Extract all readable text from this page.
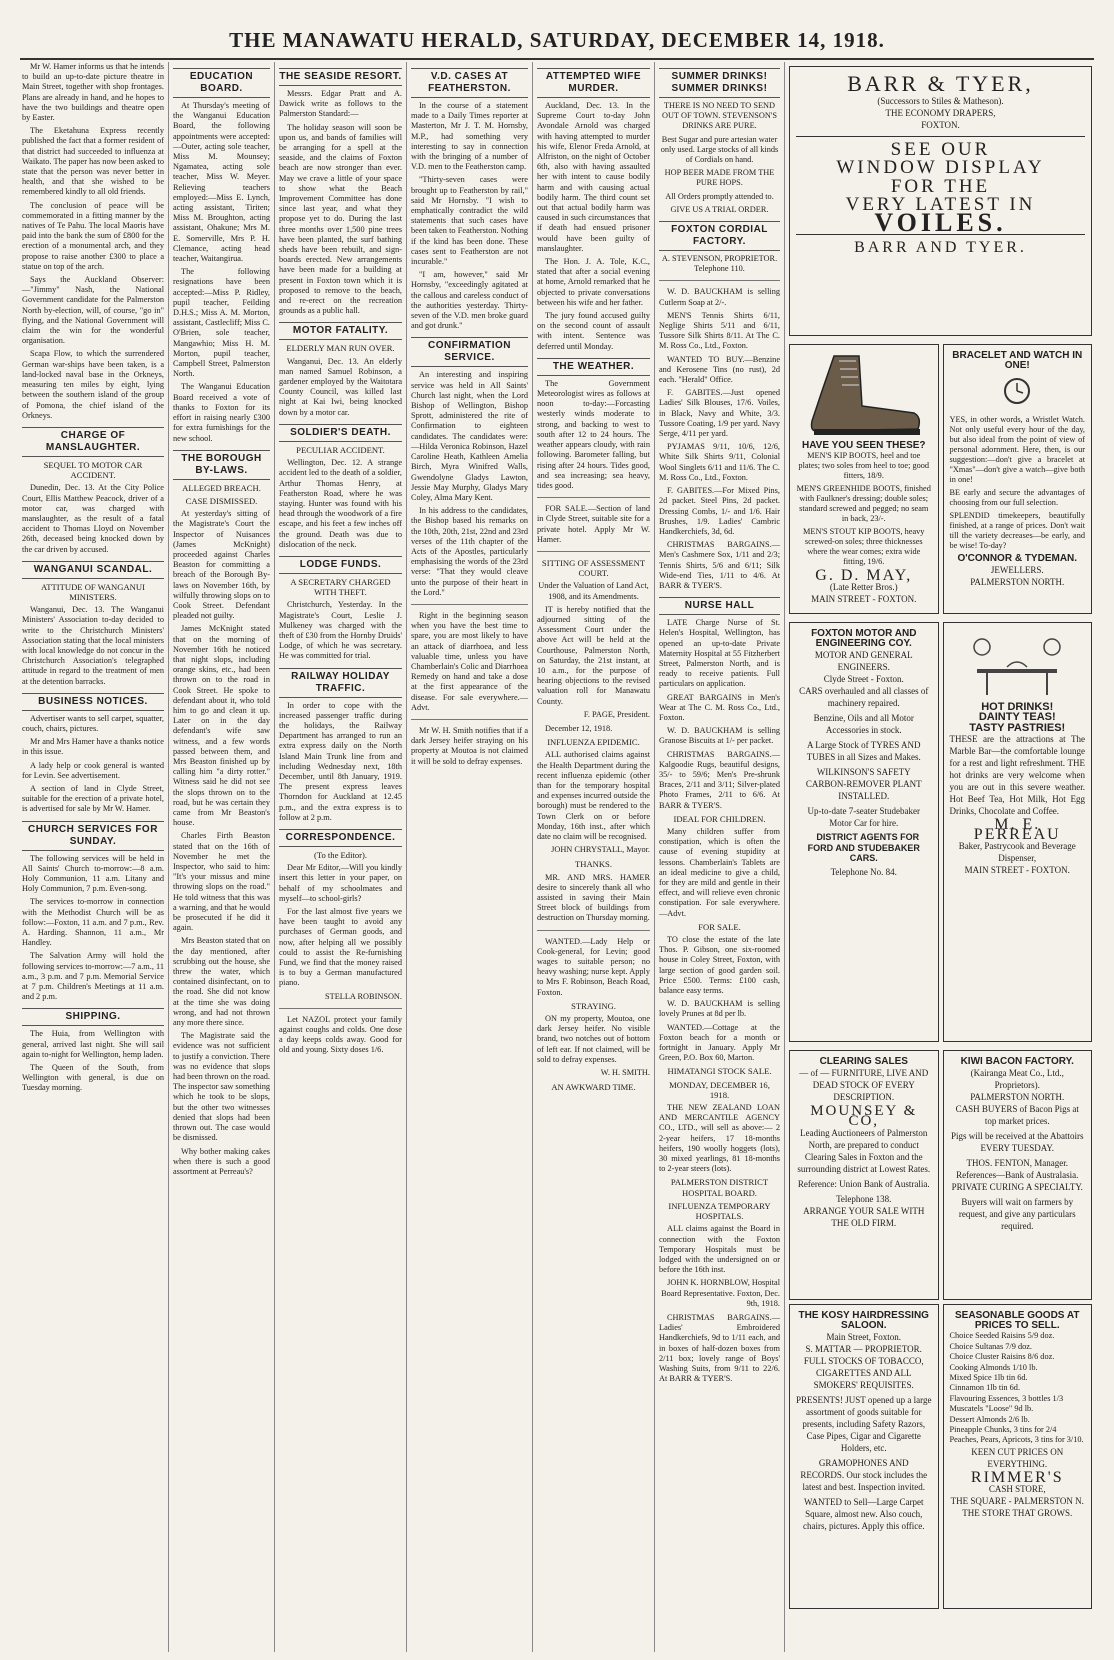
THE MANAWATU HERALD, SATURDAY, DECEMBER 14, 1918.

Mr W. Hamer informs us that he intends to build an up-to-date picture theatre in Main Street, together with shop frontages. Plans are already in hand, and he hopes to have the two buildings and theatre open by Easter.

The Eketahuna Express recently published the fact that a former resident of that district had succeeded to influenza at Waikato. The paper has now been asked to state that the person was never better in health, and that she wished to be remembered kindly to all old friends.

The conclusion of peace will be commemorated in a fitting manner by the natives of Te Pahu. The local Maoris have paid into the bank the sum of £800 for the erection of a monumental arch, and they propose to raise another £300 to place a statue on top of the arch.

Says the Auckland Observer:—"Jimmy" Nash, the National Government candidate for the Palmerston North by-election, will, of course, "go in" flying, and the National Government will claim the win for the wonderful organisation.

Scapa Flow, to which the surrendered German war-ships have been taken, is a land-locked naval base in the Orkneys, measuring ten miles by eight, lying between the southern island of the group of Pomona, the chief island of the Orkneys.

CHARGE OF MANSLAUGHTER.
SEQUEL TO MOTOR CAR ACCIDENT.

Dunedin, Dec. 13. At the City Police Court, Ellis Matthew Peacock, driver of a motor car, was charged with manslaughter, as the result of a fatal accident to Thomas Lloyd on November 26th, deceased being knocked down by the car driven by accused.

WANGANUI SCANDAL.
ATTITUDE OF WANGANUI MINISTERS.

Wanganui, Dec. 13. The Wanganui Ministers' Association to-day decided to write to the Christchurch Ministers' Association stating that the local ministers with local knowledge do not concur in the Christchurch Association's telegraphed attitude in regard to the treatment of men at the detention barracks.

BUSINESS NOTICES.

Advertiser wants to sell carpet, squatter, couch, chairs, pictures.

Mr and Mrs Hamer have a thanks notice in this issue.

A lady help or cook general is wanted for Levin. See advertisement.

A section of land in Clyde Street, suitable for the erection of a private hotel, is advertised for sale by Mr W. Hamer.

CHURCH SERVICES FOR SUNDAY.

The following services will be held in All Saints' Church to-morrow:—8 a.m. Holy Communion, 11 a.m. Litany and Holy Communion, 7 p.m. Even-song.

The services to-morrow in connection with the Methodist Church will be as follow:—Foxton, 11 a.m. and 7 p.m., Rev. A. Harding. Shannon, 11 a.m., Mr Handley.

The Salvation Army will hold the following services to-morrow:—7 a.m., 11 a.m., 3 p.m. and 7 p.m. Memorial Service at 7 p.m. Children's Meetings at 11 a.m. and 2 p.m.

SHIPPING.

The Huia, from Wellington with general, arrived last night. She will sail again to-night for Wellington, hemp laden.

The Queen of the South, from Wellington with general, is due on Tuesday morning.

EDUCATION BOARD.

At Thursday's meeting of the Wanganui Education Board, the following appointments were accepted:—Outer, acting sole teacher, Miss M. Mounsey; Ngamatea, acting sole teacher, Miss W. Meyer. Relieving teachers employed:—Miss E. Lynch, acting assistant, Tiriten; Miss M. Broughton, acting assistant, Ohakune; Mrs M. E. Somerville, Mrs P. H. Clemance, acting head teacher, Waitangirua.

The following resignations have been accepted:—Miss P. Ridley, pupil teacher, Feilding D.H.S.; Miss A. M. Morton, assistant, Castlecliff; Miss C. O'Brien, sole teacher, Mangawhio; Miss H. M. Morton, pupil teacher, Campbell Street, Palmerston North.

The Wanganui Education Board received a vote of thanks to Foxton for its effort in raising nearly £300 for extra furnishings for the new school.

THE BOROUGH BY-LAWS.
ALLEGED BREACH.
CASE DISMISSED.

At yesterday's sitting of the Magistrate's Court the Inspector of Nuisances (James McKnight) proceeded against Charles Beaston for committing a breach of the Borough By-laws on November 16th, by wilfully throwing slops on to Cook Street. Defendant pleaded not guilty.

James McKnight stated that on the morning of November 16th he noticed that night slops, including orange skins, etc., had been thrown on to the road in Cook Street. He spoke to defendant about it, who told him to go and clean it up. Later on in the day defendant's wife saw witness, and a few words passed between them, and Mrs Beaston finished up by calling him "a dirty rotter." Witness said he did not see the slops thrown on to the road, but he was certain they came from Mr Beaston's house.

Charles Firth Beaston stated that on the 16th of November he met the Inspector, who said to him: "It's your missus and mine throwing slops on the road." He told witness that this was a warning, and that he would be prosecuted if he did it again.

Mrs Beaston stated that on the day mentioned, after scrubbing out the house, she threw the water, which contained disinfectant, on to the road. She did not know at the time she was doing wrong, and had not thrown any more there since.

The Magistrate said the evidence was not sufficient to justify a conviction. There was no evidence that slops had been thrown on the road. The inspector saw something which he took to be slops, but the other two witnesses denied that slops had been thrown out. The case would be dismissed.

Why bother making cakes when there is such a good assortment at Perreau's?

THE SEASIDE RESORT.

Messrs. Edgar Pratt and A. Dawick write as follows to the Palmerston Standard:—

The holiday season will soon be upon us, and bands of families will be arranging for a spell at the seaside, and the claims of Foxton beach are now stronger than ever. May we crave a little of your space to show what the Beach Improvement Committee has done since last year, and what they propose yet to do. During the last three months over 1,500 pine trees have been planted, the surf bathing sheds have been rebuilt, and sign-boards erected. New arrangements have been made for a building at present in Foxton town which it is proposed to remove to the beach, and re-erect on the recreation grounds as a public hall.

MOTOR FATALITY.
ELDERLY MAN RUN OVER.

Wanganui, Dec. 13. An elderly man named Samuel Robinson, a gardener employed by the Waitotara County Council, was killed last night at Kai Iwi, being knocked down by a motor car.

SOLDIER'S DEATH.
PECULIAR ACCIDENT.

Wellington, Dec. 12. A strange accident led to the death of a soldier, Arthur Thomas Henry, at Featherston Road, where he was staying. Hunter was found with his head through the woodwork of a fire escape, and his feet a few inches off the ground. Death was due to dislocation of the neck.

LODGE FUNDS.
A SECRETARY CHARGED WITH THEFT.

Christchurch, Yesterday. In the Magistrate's Court, Leslie J. Mulkeney was charged with the theft of £30 from the Hornby Druids' Lodge, of which he was secretary. He was committed for trial.

RAILWAY HOLIDAY TRAFFIC.

In order to cope with the increased passenger traffic during the holidays, the Railway Department has arranged to run an extra express daily on the North Island Main Trunk line from and including Wednesday next, 18th December, until 8th January, 1919. The present express leaves Thorndon for Auckland at 12.45 p.m., and the extra express is to follow at 2 p.m.

CORRESPONDENCE.
(To the Editor).

Dear Mr Editor,—Will you kindly insert this letter in your paper, on behalf of my schoolmates and myself—to school-girls?

For the last almost five years we have been taught to avoid any purchases of German goods, and now, after helping all we possibly could to assist the Re-furnishing Fund, we find that the money raised is to buy a German manufactured piano.

STELLA ROBINSON.

Let NAZOL protect your family against coughs and colds. One dose a day keeps colds away. Good for old and young. Sixty doses 1/6.

V.D. CASES AT FEATHERSTON.

In the course of a statement made to a Daily Times reporter at Masterton, Mr J. T. M. Hornsby, M.P., had something very interesting to say in connection with the bringing of a number of V.D. men to the Featherston camp.

"Thirty-seven cases were brought up to Featherston by rail," said Mr Hornsby. "I wish to emphatically contradict the wild statements that such cases have been taken to Featherston. Nothing if the kind has been done. These cases sent to Featherston are not incurable."

"I am, however," said Mr Hornsby, "exceedingly agitated at the callous and careless conduct of the authorities yesterday. Thirty-seven of the V.D. men broke guard and got drunk."

CONFIRMATION SERVICE.

An interesting and inspiring service was held in All Saints' Church last night, when the Lord Bishop of Wellington, Bishop Sprott, administered the rite of Confirmation to eighteen candidates. The candidates were:—Hilda Veronica Robinson, Hazel Caroline Heath, Kathleen Amelia Birch, Myra Winifred Walls, Gwendolyne Gladys Lawton, Jessie May Murphy, Gladys Mary Coley, Alma Mary Kent.

In his address to the candidates, the Bishop based his remarks on the 10th, 20th, 21st, 22nd and 23rd verses of the 11th chapter of the Acts of the Apostles, particularly emphasising the words of the 23rd verse: "That they would cleave unto the purpose of their heart in the Lord."

Right in the beginning season when you have the best time to spare, you are most likely to have an attack of diarrhoea, and less valuable time, unless you have Chamberlain's Colic and Diarrhoea Remedy on hand and take a dose at the first appearance of the disease. For sale everywhere.—Advt.

Mr W. H. Smith notifies that if a dark Jersey heifer straying on his property at Moutoa is not claimed it will be sold to defray expenses.

ATTEMPTED WIFE MURDER.

Auckland, Dec. 13. In the Supreme Court to-day John Avondale Arnold was charged with having attempted to murder his wife, Elenor Freda Arnold, at Alfriston, on the night of October 6th, also with having assaulted her with intent to cause bodily harm and with causing actual bodily harm. The third count set out that actual bodily harm was caused in such circumstances that if death had ensued prisoner would have been guilty of manslaughter.

The Hon. J. A. Tole, K.C., stated that after a social evening at home, Arnold remarked that he objected to private conversations between his wife and her father.

The jury found accused guilty on the second count of assault with intent. Sentence was deferred until Monday.

THE WEATHER.

The Government Meteorologist wires as follows at noon to-day:—Forcasting westerly winds moderate to strong, and backing to west to south after 12 to 24 hours. The weather appears cloudy, with rain following. Barometer falling, but rising after 24 hours. Tides good, and sea increasing; sea heavy, tides good.

FOR SALE.—Section of land in Clyde Street, suitable site for a private hotel. Apply Mr W. Hamer.

SITTING OF ASSESSMENT COURT.

Under the Valuation of Land Act, 1908, and its Amendments.

IT is hereby notified that the adjourned sitting of the Assessment Court under the above Act will be held at the Courthouse, Palmerston North, on Saturday, the 21st instant, at 10 a.m., for the purpose of hearing objections to the revised valuation roll for Manawatu County.

F. PAGE, President.

December 12, 1918.

INFLUENZA EPIDEMIC.

ALL authorised claims against the Health Department during the recent influenza epidemic (other than for the temporary hospital and expenses incurred outside the borough) must be rendered to the Town Clerk on or before Monday, 16th inst., after which date no claim will be recognised.

JOHN CHRYSTALL, Mayor.
THANKS.

MR. AND MRS. HAMER desire to sincerely thank all who assisted in saving their Main Street block of buildings from destruction on Thursday morning.

WANTED.—Lady Help or Cook-general, for Levin; good wages to suitable person; no heavy washing; nurse kept. Apply to Mrs F. Robinson, Beach Road, Foxton.

STRAYING.

ON my property, Moutoa, one dark Jersey heifer. No visible brand, two notches out of bottom of left ear. If not claimed, will be sold to defray expenses.

W. H. SMITH.
AN AWKWARD TIME.
SUMMER DRINKS! SUMMER DRINKS!

THERE IS NO NEED TO SEND OUT OF TOWN. STEVENSON'S DRINKS ARE PURE.

Best Sugar and pure artesian water only used. Large stocks of all kinds of Cordials on hand.

HOP BEER MADE FROM THE PURE HOPS.

All Orders promptly attended to.

GIVE US A TRIAL ORDER.

FOXTON CORDIAL FACTORY.

A. STEVENSON, PROPRIETOR. Telephone 110.

W. D. BAUCKHAM is selling Cutlerm Soap at 2/-.

MEN'S Tennis Shirts 6/11, Neglige Shirts 5/11 and 6/11, Tussore Silk Shirts 8/11. At The C. M. Ross Co., Ltd., Foxton.

WANTED TO BUY.—Benzine and Kerosene Tins (no rust), 2d each. "Herald" Office.

F. GABITES.—Just opened Ladies' Silk Blouses, 17/6. Voiles, in Black, Navy and White, 3/3. Tussore Coating, 1/9 per yard. Navy Serge, 4/11 per yard.

PYJAMAS 9/11, 10/6, 12/6, White Silk Shirts 9/11, Colonial Wool Singlets 6/11 and 11/6. The C. M. Ross Co., Ltd., Foxton.

F. GABITES.—For Mixed Pins, 2d packet. Steel Pins, 2d packet. Dressing Combs, 1/- and 1/6. Hair Brushes, 1/9. Ladies' Cambric Handkerchiefs, 3d, 6d.

CHRISTMAS BARGAINS.—Men's Cashmere Sox, 1/11 and 2/3; Tennis Shirts, 5/6 and 6/11; Silk Wide-end Ties, 1/11 to 4/6. At BARR & TYER'S.

NURSE HALL

LATE Charge Nurse of St. Helen's Hospital, Wellington, has opened an up-to-date Private Maternity Hospital at 55 Fitzherbert Street, Palmerston North, and is ready to receive patients. Full particulars on application.

GREAT BARGAINS in Men's Wear at The C. M. Ross Co., Ltd., Foxton.

W. D. BAUCKHAM is selling Granose Biscuits at 1/- per packet.

CHRISTMAS BARGAINS.—Kalgoodie Rugs, beautiful designs, 35/- to 59/6; Men's Pre-shrunk Braces, 2/11 and 3/11; Silver-plated Photo Frames, 2/11 to 6/6. At BARR & TYER'S.

IDEAL FOR CHILDREN.

Many children suffer from constipation, which is often the cause of evening stupidity at lessons. Chamberlain's Tablets are an ideal medicine to give a child, for they are mild and gentle in their effect, and will relieve even chronic constipation. For sale everywhere.—Advt.

FOR SALE.

TO close the estate of the late Thos. P. Gibson, one six-roomed house in Coley Street, Foxton, with large section of good garden soil. Price £500. Terms: £100 cash, balance easy terms.

W. D. BAUCKHAM is selling lovely Prunes at 8d per lb.

WANTED.—Cottage at the Foxton beach for a month or fortnight in January. Apply Mr Green, P.O. Box 60, Marton.

HIMATANGI STOCK SALE.
MONDAY, DECEMBER 16, 1918.

THE NEW ZEALAND LOAN AND MERCANTILE AGENCY CO., LTD., will sell as above:— 2 2-year heifers, 17 18-months heifers, 190 woolly hoggets (lots), 30 mixed yearlings, 81 18-months to 2-year steers (lots).

PALMERSTON DISTRICT HOSPITAL BOARD.
INFLUENZA TEMPORARY HOSPITALS.

ALL claims against the Board in connection with the Foxton Temporary Hospitals must be lodged with the undersigned on or before the 16th inst.

JOHN K. HORNBLOW, Hospital Board Representative. Foxton, Dec. 9th, 1918.

CHRISTMAS BARGAINS.—Ladies' Embroidered Handkerchiefs, 9d to 1/11 each, and in boxes of half-dozen boxes from 2/11 box; lovely range of Boys' Washing Suits, from 9/11 to 22/6. At BARR & TYER'S.

BARR & TYER,
(Successors to Stiles & Matheson).
THE ECONOMY DRAPERS,
FOXTON.
SEE OUR
WINDOW DISPLAY
FOR THE
VERY LATEST IN
VOILES.
BARR AND TYER.
HAVE YOU SEEN THESE?

MEN'S KIP BOOTS, heel and toe plates; two soles from heel to toe; good fitters, 18/9.

MEN'S GREENHIDE BOOTS, finished with Faulkner's dressing; double soles; standard screwed and pegged; no seam in back, 23/-.

MEN'S STOUT KIP BOOTS, heavy screwed-on soles; three thicknesses where the wear comes; extra wide fitting, 19/6.

G. D. MAY,
(Late Retter Bros.)
MAIN STREET - FOXTON.
BRACELET AND WATCH IN ONE!

YES, in other words, a Wristlet Watch. Not only useful every hour of the day, but also ideal from the point of view of personal adornment. Here, then, is our suggestion:—don't give a bracelet at "Xmas"—don't give a watch—give both in one!

BE early and secure the advantages of choosing from our full selection.

SPLENDID timekeepers, beautifully finished, at a range of prices. Don't wait till the variety decreases—be early, and be wise! To-day?

O'CONNOR & TYDEMAN.
JEWELLERS.
PALMERSTON NORTH.
FOXTON MOTOR AND ENGINEERING COY.
MOTOR AND GENERAL ENGINEERS.
Clyde Street - Foxton.

CARS overhauled and all classes of machinery repaired.

Benzine, Oils and all Motor Accessories in stock.

A Large Stock of TYRES AND TUBES in all Sizes and Makes.

WILKINSON'S SAFETY CARBON-REMOVER PLANT INSTALLED.

Up-to-date 7-seater Studebaker Motor Car for hire.

DISTRICT AGENTS FOR FORD AND STUDEBAKER CARS.

Telephone No. 84.
HOT DRINKS!
DAINTY TEAS!
TASTY PASTRIES!

THESE are the attractions at The Marble Bar—the comfortable lounge for a rest and light refreshment. THE hot drinks are very welcome when you are out in this severe weather. Hot Beef Tea, Hot Milk, Hot Egg Drinks, Chocolate and Coffee.

M. E. PERREAU
Baker, Pastrycook and Beverage Dispenser,
MAIN STREET - FOXTON.
CLEARING SALES

— of — FURNITURE, LIVE AND DEAD STOCK OF EVERY DESCRIPTION.

MOUNSEY & CO,

Leading Auctioneers of Palmerston North, are prepared to conduct Clearing Sales in Foxton and the surrounding district at Lowest Rates.

Reference: Union Bank of Australia.

Telephone 138.

ARRANGE YOUR SALE WITH THE OLD FIRM.

THE KOSY HAIRDRESSING SALOON.
Main Street, Foxton.
S. MATTAR — PROPRIETOR.

FULL STOCKS OF TOBACCO, CIGARETTES AND ALL SMOKERS' REQUISITES.

PRESENTS! JUST opened up a large assortment of goods suitable for presents, including Safety Razors, Case Pipes, Cigar and Cigarette Holders, etc.

GRAMOPHONES AND RECORDS. Our stock includes the latest and best. Inspection invited.

WANTED to Sell—Large Carpet Square, almost new. Also couch, chairs, pictures. Apply this office.

KIWI BACON FACTORY.
(Kairanga Meat Co., Ltd., Proprietors).
PALMERSTON NORTH.

CASH BUYERS of Bacon Pigs at top market prices.

Pigs will be received at the Abattoirs EVERY TUESDAY.

THOS. FENTON, Manager. References—Bank of Australasia. PRIVATE CURING A SPECIALTY.

Buyers will wait on farmers by request, and give any particulars required.

SEASONABLE GOODS AT PRICES TO SELL.
Choice Seeded Raisins 5/9 doz.
Choice Sultanas 7/9 doz.
Choice Cluster Raisins 8/6 doz.
Cooking Almonds 1/10 lb.
Mixed Spice 1lb tin 6d.
Cinnamon 1lb tin 6d.
Flavouring Essences, 3 bottles 1/3
Muscatels "Loose" 9d lb.
Dessert Almonds 2/6 lb.
Pineapple Chunks, 3 tins for 2/4
Peaches, Pears, Apricots, 3 tins for 3/10.

KEEN CUT PRICES ON EVERYTHING.

RIMMER'S
CASH STORE,
THE SQUARE - PALMERSTON N.
THE STORE THAT GROWS.
